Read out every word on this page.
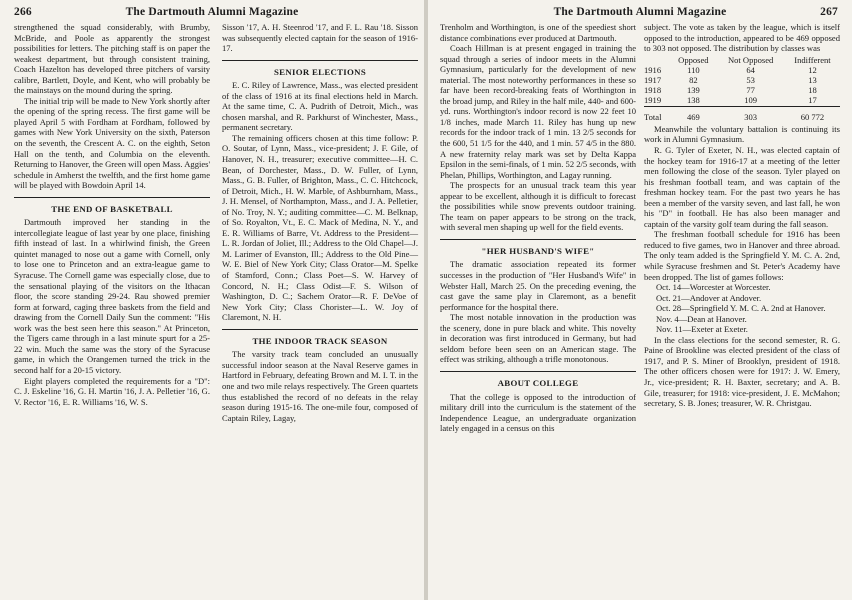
266	The Dartmouth Alumni Magazine

strengthened the squad considerably, with Brumby, McBride, and Poole as apparently the strongest possibilities for letters. The pitching staff is on paper the weakest department, but through consistent training, Coach Hazelton has developed three pitchers of varsity calibre, Bartlett, Doyle, and Kent, who will probably be the mainstays on the mound during the spring.

The initial trip will be made to New York shortly after the opening of the spring recess. The first game will be played April 5 with Fordham at Fordham, followed by games with New York University on the sixth, Paterson on the seventh, the Crescent A. C. on the eighth, Seton Hall on the tenth, and Columbia on the eleventh. Returning to Hanover, the Green will open Mass. Aggies' schedule in Amherst the twelfth, and the first home game will be played with Bowdoin April 14.

THE END OF BASKETBALL

Dartmouth improved her standing in the intercollegiate league of last year by one place, finishing fifth instead of last. In a whirlwind finish, the Green quintet managed to nose out a game with Cornell, only to lose one to Princeton and an extra-league game to Syracuse. The Cornell game was especially close, due to the sensational playing of the visitors on the Ithacan floor, the score standing 29-24. Rau showed premier form at forward, caging three baskets from the field and drawing from the Cornell Daily Sun the comment: "His work was the best seen here this season." At Princeton, the Tigers came through in a last minute spurt for a 25-22 win. Much the same was the story of the Syracuse game, in which the Orangemen turned the trick in the second half for a 20-15 victory.

Eight players completed the requirements for a "D": C. J. Eskeline '16, G. H. Martin '16, J. A. Pelletier '16, G. V. Rector '16, E. R. Williams '16, W. S.

Sisson '17, A. H. Steenrod '17, and F. L. Rau '18. Sisson was subsequently elected captain for the season of 1916-17.

SENIOR ELECTIONS

E. C. Riley of Lawrence, Mass., was elected president of the class of 1916 at its final elections held in March. At the same time, C. A. Pudrith of Detroit, Mich., was chosen marshal, and R. Parkhurst of Winchester, Mass., permanent secretary.

The remaining officers chosen at this time follow: P. O. Soutar, of Lynn, Mass., vice-president; J. F. Gile, of Hanover, N. H., treasurer; executive committee—H. C. Bean, of Dorchester, Mass., D. W. Fuller, of Lynn, Mass., G. B. Fuller, of Brighton, Mass., C. C. Hitchcock, of Detroit, Mich., H. W. Marble, of Ashburnham, Mass., J. H. Mensel, of Northampton, Mass., and J. A. Pelletier, of No. Troy, N. Y.; auditing committee—C. M. Belknap, of So. Royalton, Vt., E. C. Mack of Medina, N. Y., and E. R. Williams of Barre, Vt. Address to the President—L. R. Jordan of Joliet, Ill.; Address to the Old Chapel—J. M. Larimer of Evanston, Ill.; Address to the Old Pine—W. E. Biel of New York City; Class Orator—M. Spelke of Stamford, Conn.; Class Poet—S. W. Harvey of Concord, N. H.; Class Odist—F. S. Wilson of Washington, D. C.; Sachem Orator—R. F. DeVoe of New York City; Class Chorister—L. W. Joy of Claremont, N. H.

THE INDOOR TRACK SEASON

The varsity track team concluded an unusually successful indoor season at the Naval Reserve games in Hartford in February, defeating Brown and M. I. T. in the one and two mile relays respectively. The Green quartets thus established the record of no defeats in the relay season during 1915-16. The one-mile four, composed of Captain Riley, Lagay,

The Dartmouth Alumni Magazine	267

Trenholm and Worthington, is one of the speediest short distance combinations ever produced at Dartmouth.

Coach Hillman is at present engaged in training the squad through a series of indoor meets in the Alumni Gymnasium, particularly for the development of new material. The most noteworthy performances in these so far have been record-breaking feats of Worthington in the broad jump, and Riley in the half mile, 440- and 600-yd. runs. Worthington's indoor record is now 22 feet 10 1/8 inches, made March 11. Riley has hung up new records for the indoor track of 1 min. 13 2/5 seconds for the 600, 51 1/5 for the 440, and 1 min. 57 4/5 in the 880. A new fraternity relay mark was set by Delta Kappa Epsilon in the semi-finals, of 1 min. 52 2/5 seconds, with Phelan, Phillips, Worthington, and Lagay running.

The prospects for an unusual track team this year appear to be excellent, although it is difficult to forecast the possibilities while snow prevents outdoor training. The team on paper appears to be strong on the track, with several men shaping up well for the field events.

"HER HUSBAND'S WIFE"

The dramatic association repeated its former successes in the production of "Her Husband's Wife" in Webster Hall, March 25. On the preceding evening, the cast gave the same play in Claremont, as a benefit performance for the hospital there.

The most notable innovation in the production was the scenery, done in pure black and white. This novelty in decoration was first introduced in Germany, but had seldom before been seen on an American stage. The effect was striking, although a trifle monotonous.

ABOUT COLLEGE

That the college is opposed to the introduction of military drill into the curriculum is the statement of the Independence League, an undergraduate organization lately engaged in a census on this

subject. The vote as taken by the league, which is itself opposed to the introduction, appeared to be 469 opposed to 303 not opposed. The distribution by classes was

	Opposed	Not Opposed	Indifferent
1916	110	64	12
1917	82	53	13
1918	139	77	18
1919	138	109	17

Total	469	303	60 772

Meanwhile the voluntary battalion is continuing its work in Alumni Gymnasium.

R. G. Tyler of Exeter, N. H., was elected captain of the hockey team for 1916-17 at a meeting of the letter men following the close of the season. Tyler played on his freshman football team, and was captain of the freshman hockey team. For the past two years he has been a member of the varsity seven, and last fall, he won his "D" in football. He has also been manager and captain of the varsity golf team during the fall season.

The freshman football schedule for 1916 has been reduced to five games, two in Hanover and three abroad. The only team added is the Springfield Y. M. C. A. 2nd, while Syracuse freshmen and St. Peter's Academy have been dropped. The list of games follows:

Oct. 14—Worcester at Worcester.
Oct. 21—Andover at Andover.
Oct. 28—Springfield Y. M. C. A. 2nd at Hanover.
Nov. 4—Dean at Hanover.
Nov. 11—Exeter at Exeter.

In the class elections for the second semester, R. G. Paine of Brookline was elected president of the class of 1917, and P. S. Miner of Brooklyn, president of 1918. The other officers chosen were for 1917: J. W. Emery, Jr., vice-president; R. H. Baxter, secretary; and A. B. Gile, treasurer; for 1918: vice-president, J. E. McMahon; secretary, S. B. Jones; treasurer, W. R. Christgau.
